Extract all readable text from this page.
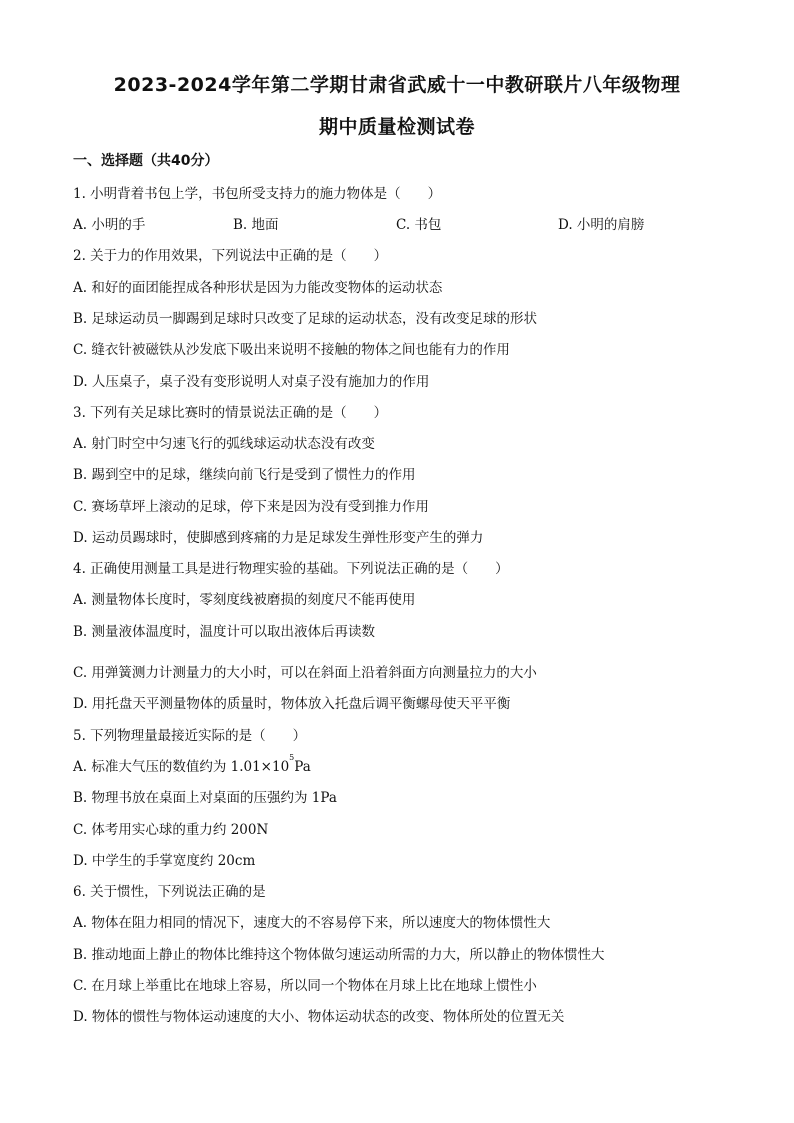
2023-2024学年第二学期甘肃省武威十一中教研联片八年级物理
期中质量检测试卷
一、选择题（共40分）
1. 小明背着书包上学，书包所受支持力的施力物体是（　　）
A. 小明的手	B. 地面	C. 书包	D. 小明的肩膀
2. 关于力的作用效果，下列说法中正确的是（　　）
A. 和好的面团能捏成各种形状是因为力能改变物体的运动状态
B. 足球运动员一脚踢到足球时只改变了足球的运动状态，没有改变足球的形状
C. 缝衣针被磁铁从沙发底下吸出来说明不接触的物体之间也能有力的作用
D. 人压桌子，桌子没有变形说明人对桌子没有施加力的作用
3. 下列有关足球比赛时的情景说法正确的是（　　）
A. 射门时空中匀速飞行的弧线球运动状态没有改变
B. 踢到空中的足球，继续向前飞行是受到了惯性力的作用
C. 赛场草坪上滚动的足球，停下来是因为没有受到推力作用
D. 运动员踢球时，使脚感到疼痛的力是足球发生弹性形变产生的弹力
4. 正确使用测量工具是进行物理实验的基础。下列说法正确的是（　　）
A. 测量物体长度时，零刻度线被磨损的刻度尺不能再使用
B. 测量液体温度时，温度计可以取出液体后再读数
C. 用弹簧测力计测量力的大小时，可以在斜面上沿着斜面方向测量拉力的大小
D. 用托盘天平测量物体的质量时，物体放入托盘后调平衡螺母使天平平衡
5. 下列物理量最接近实际的是（　　）
A. 标准大气压的数值约为 $1.01\times 10^5Pa$
B. 物理书放在桌面上对桌面的压强约为 1Pa
C. 体考用实心球的重力约 200N
D. 中学生的手掌宽度约 20cm
6. 关于惯性，下列说法正确的是
A. 物体在阻力相同的情况下，速度大的不容易停下来，所以速度大的物体惯性大
B. 推动地面上静止的物体比维持这个物体做匀速运动所需的力大，所以静止的物体惯性大
C. 在月球上举重比在地球上容易，所以同一个物体在月球上比在地球上惯性小
D. 物体的惯性与物体运动速度的大小、物体运动状态的改变、物体所处的位置无关
